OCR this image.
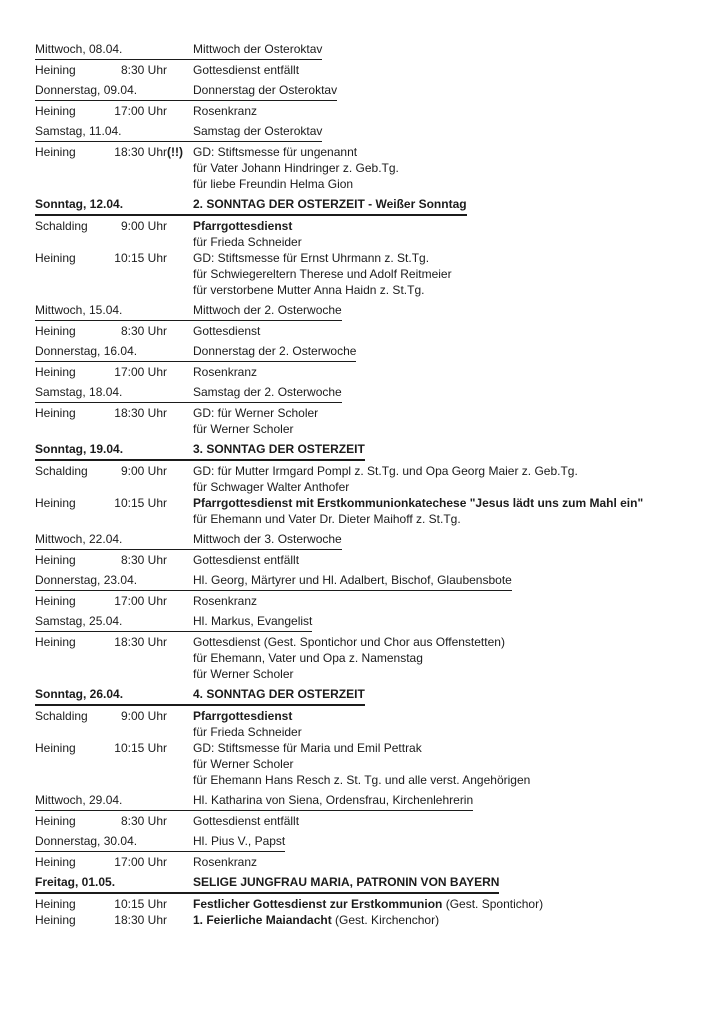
Mittwoch, 08.04.	Mittwoch der Osteroktav
Heining	8:30 Uhr Gottesdienst entfällt
Donnerstag, 09.04.	Donnerstag der Osteroktav
Heining	17:00 Uhr Rosenkranz
Samstag, 11.04.	Samstag der Osteroktav
Heining	18:30 Uhr (!!) GD: Stiftsmesse für ungenannt
für Vater Johann Hindringer z. Geb.Tg.
für liebe Freundin Helma Gion
Sonntag, 12.04.	2. SONNTAG DER OSTERZEIT - Weißer Sonntag
Schalding	9:00 Uhr Pfarrgottesdienst
für Frieda Schneider
Heining	10:15 Uhr GD: Stiftsmesse für Ernst Uhrmann z. St.Tg.
für Schwiegereltern Therese und Adolf Reitmeier
für verstorbene Mutter Anna Haidn z. St.Tg.
Mittwoch, 15.04.	Mittwoch der 2. Osterwoche
Heining	8:30 Uhr Gottesdienst
Donnerstag, 16.04.	Donnerstag der 2. Osterwoche
Heining	17:00 Uhr Rosenkranz
Samstag, 18.04.	Samstag der 2. Osterwoche
Heining	18:30 Uhr GD: für Werner Scholer
für Werner Scholer
Sonntag, 19.04.	3. SONNTAG DER OSTERZEIT
Schalding	9:00 Uhr GD: für Mutter Irmgard Pompl z. St.Tg. und Opa Georg Maier z. Geb.Tg.
für Schwager Walter Anthofer
Heining	10:15 Uhr Pfarrgottesdienst mit Erstkommunionkatechese "Jesus lädt uns zum Mahl ein"
für Ehemann und Vater Dr. Dieter Maihoff z. St.Tg.
Mittwoch, 22.04.	Mittwoch der 3. Osterwoche
Heining	8:30 Uhr Gottesdienst entfällt
Donnerstag, 23.04.	Hl. Georg, Märtyrer und Hl. Adalbert, Bischof, Glaubensbote
Heining	17:00 Uhr Rosenkranz
Samstag, 25.04.	Hl. Markus, Evangelist
Heining	18:30 Uhr Gottesdienst (Gest. Spontichor und Chor aus Offenstetten)
für Ehemann, Vater und Opa z. Namenstag
für Werner Scholer
Sonntag, 26.04.	4. SONNTAG DER OSTERZEIT
Schalding	9:00 Uhr Pfarrgottesdienst
für Frieda Schneider
Heining	10:15 Uhr GD: Stiftsmesse für Maria und Emil Pettrak
für Werner Scholer
für Ehemann Hans Resch z. St. Tg. und alle verst. Angehörigen
Mittwoch, 29.04.	Hl. Katharina von Siena, Ordensfrau, Kirchenlehrerin
Heining	8:30 Uhr Gottesdienst entfällt
Donnerstag, 30.04.	Hl. Pius V., Papst
Heining	17:00 Uhr Rosenkranz
Freitag, 01.05.	SELIGE JUNGFRAU MARIA, PATRONIN VON BAYERN
Heining	10:15 Uhr Festlicher Gottesdienst zur Erstkommunion (Gest. Spontichor)
Heining	18:30 Uhr 1. Feierliche Maiandacht (Gest. Kirchenchor)
